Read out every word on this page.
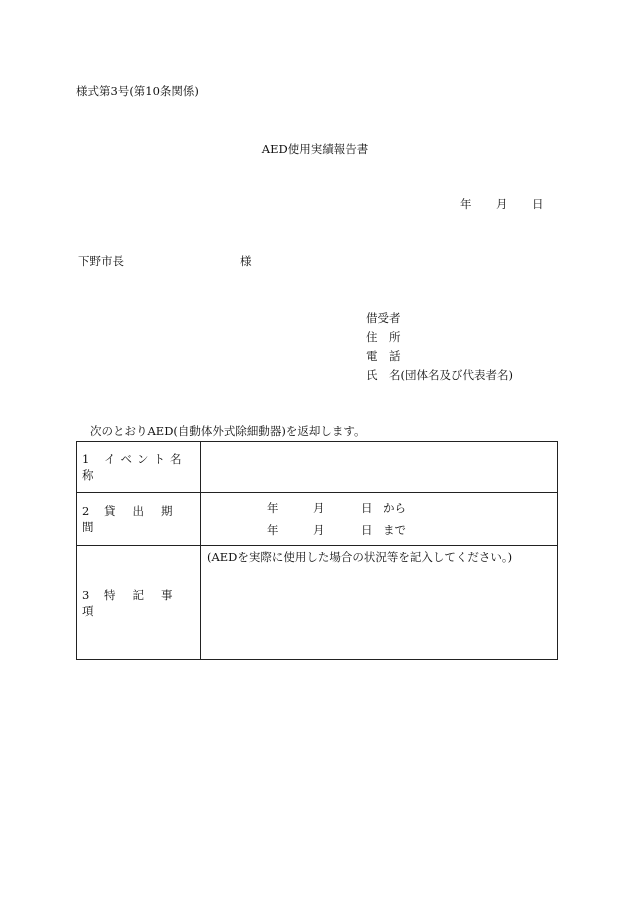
様式第3号(第10条関係)
AED使用実績報告書
年 月 日
下野市長	様
借受者
住　所
電　話
氏　名(団体名及び代表者名)
次のとおりAED(自動体外式除細動器)を返却します。
1 イベント名称	
2 貸出期間	年 月 日 から
年 月 日 まで

3 特記事項	(AEDを実際に使用した場合の状況等を記入してください。)
